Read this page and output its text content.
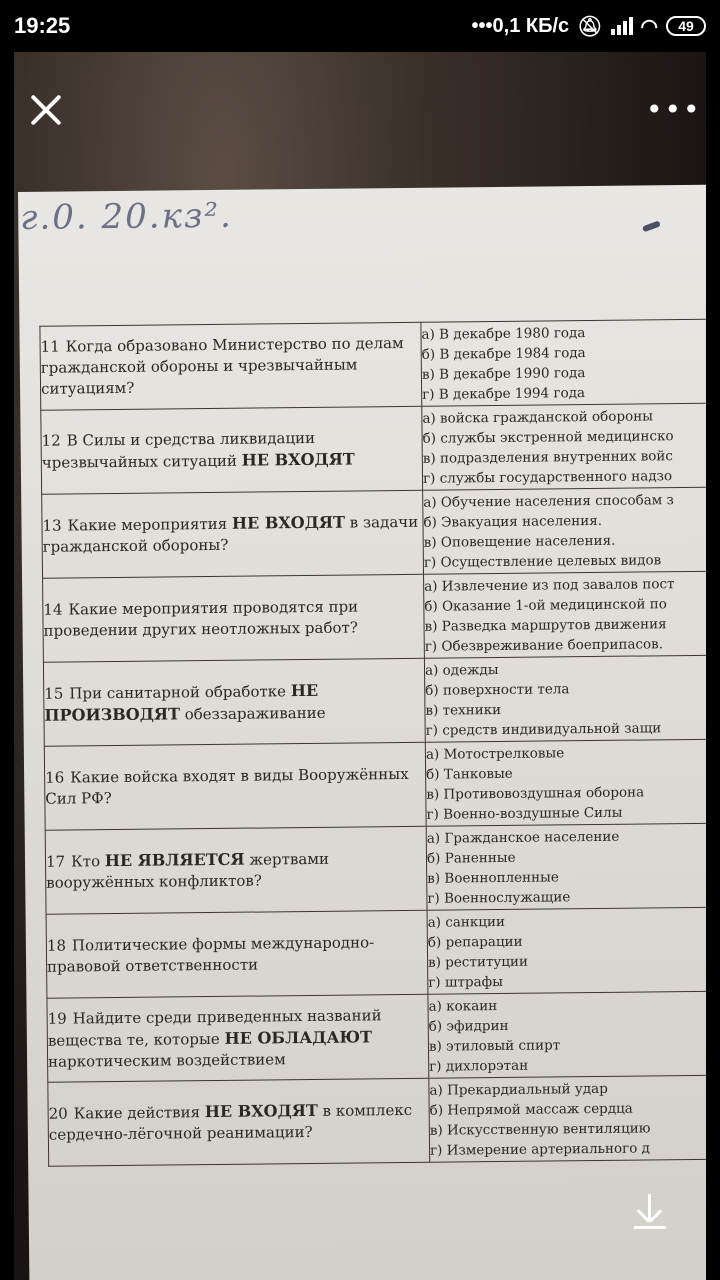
19:25	•••0,1 КБ/с 🔕︎ ◠ 49
г.0. 20.кз².
11 Когда образовано Министерство по делам гражданской обороны и чрезвычайным ситуациям?	а) В декабре 1980 года
б) В декабре 1984 года
в) В декабре 1990 года
г) В декабре 1994 года

12 В Силы и средства ликвидации чрезвычайных ситуаций НЕ ВХОДЯТ	а) войска гражданской обороны
б) службы экстренной медицинско
в) подразделения внутренних войс
г) службы государственного надзо

13 Какие мероприятия НЕ ВХОДЯТ в задачи гражданской обороны?	а) Обучение населения способам з
б) Эвакуация населения.
в) Оповещение населения.
г) Осуществление целевых видов

14 Какие мероприятия проводятся при проведении других неотложных работ?	а) Извлечение из под завалов пост
б) Оказание 1-ой медицинской по
в) Разведка маршрутов движения
г) Обезвреживание боеприпасов.

15 При санитарной обработке НЕ ПРОИЗВОДЯТ обеззараживание	а) одежды
б) поверхности тела
в) техники
г) средств индивидуальной защи

16 Какие войска входят в виды Вооружённых Сил РФ?	а) Мотострелковые
б) Танковые
в) Противовоздушная оборона
г) Военно-воздушные Силы

17 Кто НЕ ЯВЛЯЕТСЯ жертвами вооружённых конфликтов?	а) Гражданское население
б) Раненные
в) Военнопленные
г) Военнослужащие

18 Политические формы международно-правовой ответственности	а) санкции
б) репарации
в) реституции
г) штрафы

19 Найдите среди приведенных названий вещества те, которые НЕ ОБЛАДАЮТ наркотическим воздействием	а) кокаин
б) эфидрин
в) этиловый спирт
г) дихлорэтан

20 Какие действия НЕ ВХОДЯТ в комплекс сердечно-лёгочной реанимации?	а) Прекардиальный удар
б) Непрямой массаж сердца
в) Искусственную вентиляцию
г) Измерение артериального д
•••
